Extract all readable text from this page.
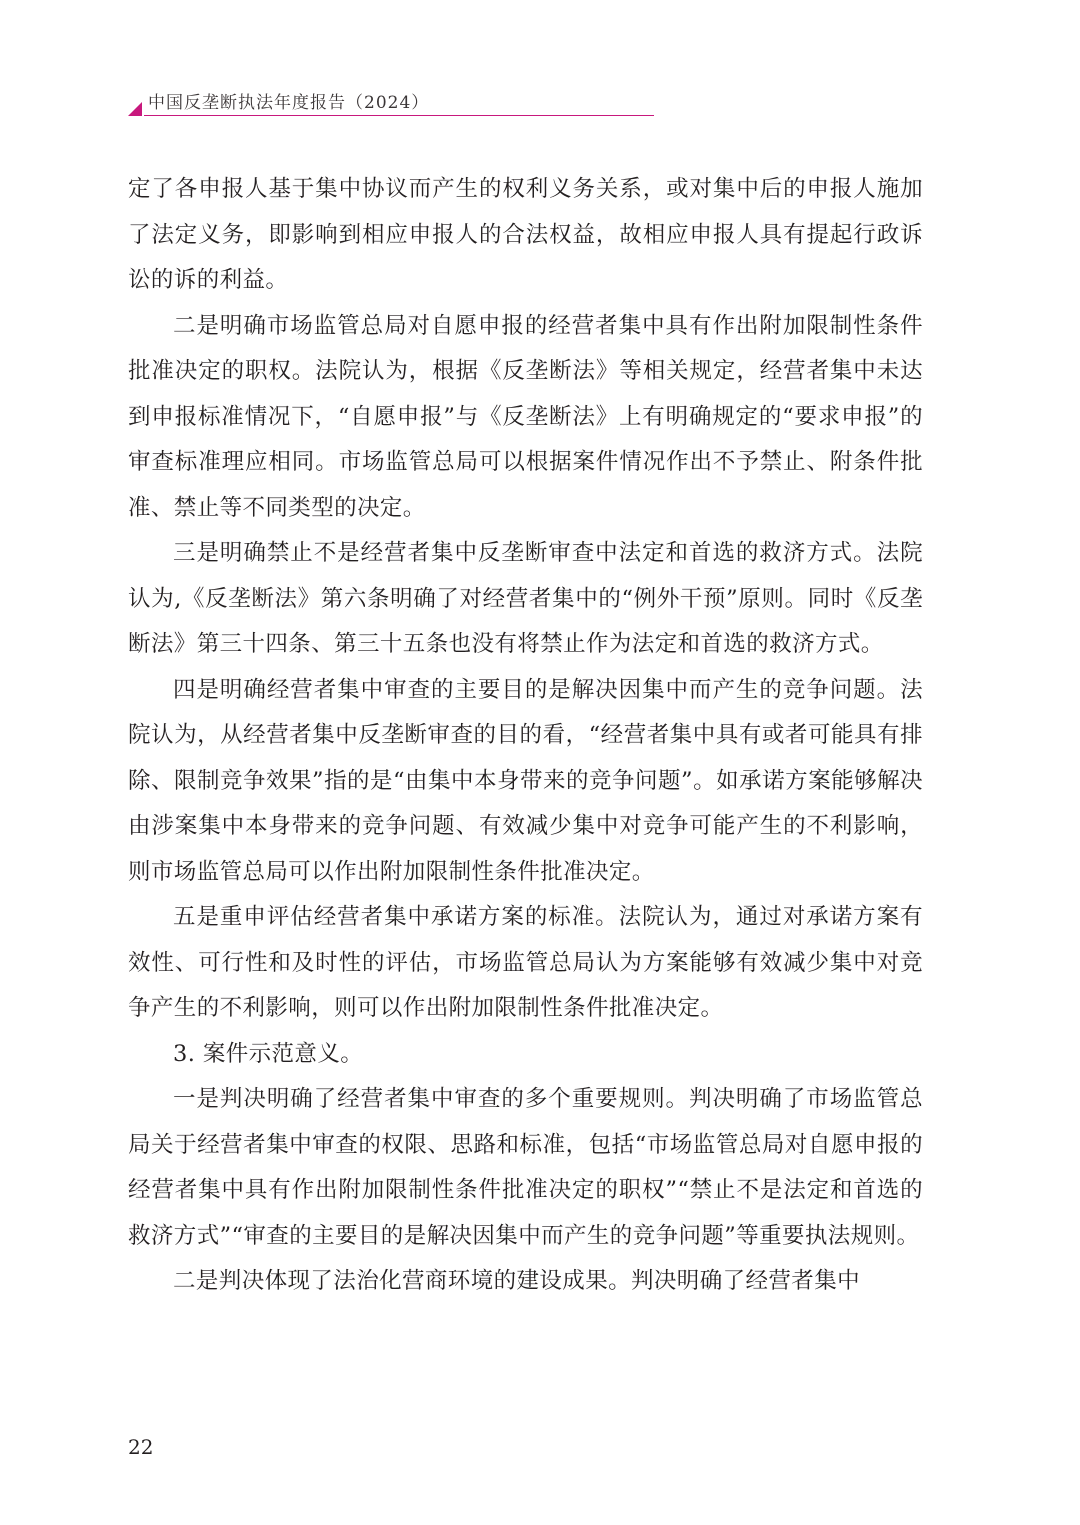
中国反垄断执法年度报告（2024）

定了各申报人基于集中协议而产生的权利义务关系，或对集中后的申报人施加了法定义务，即影响到相应申报人的合法权益，故相应申报人具有提起行政诉讼的诉的利益。

二是明确市场监管总局对自愿申报的经营者集中具有作出附加限制性条件批准决定的职权。法院认为，根据《反垄断法》等相关规定，经营者集中未达到申报标准情况下，“自愿申报”与《反垄断法》上有明确规定的“要求申报”的审查标准理应相同。市场监管总局可以根据案件情况作出不予禁止、附条件批准、禁止等不同类型的决定。

三是明确禁止不是经营者集中反垄断审查中法定和首选的救济方式。法院认为,《反垄断法》第六条明确了对经营者集中的“例外干预”原则。同时《反垄断法》第三十四条、第三十五条也没有将禁止作为法定和首选的救济方式。

四是明确经营者集中审查的主要目的是解决因集中而产生的竞争问题。法院认为，从经营者集中反垄断审查的目的看，“经营者集中具有或者可能具有排除、限制竞争效果”指的是“由集中本身带来的竞争问题”。如承诺方案能够解决由涉案集中本身带来的竞争问题、有效减少集中对竞争可能产生的不利影响，则市场监管总局可以作出附加限制性条件批准决定。

五是重申评估经营者集中承诺方案的标准。法院认为，通过对承诺方案有效性、可行性和及时性的评估，市场监管总局认为方案能够有效减少集中对竞争产生的不利影响，则可以作出附加限制性条件批准决定。

3. 案件示范意义。

一是判决明确了经营者集中审查的多个重要规则。判决明确了市场监管总局关于经营者集中审查的权限、思路和标准，包括“市场监管总局对自愿申报的经营者集中具有作出附加限制性条件批准决定的职权”“禁止不是法定和首选的救济方式”“审查的主要目的是解决因集中而产生的竞争问题”等重要执法规则。

二是判决体现了法治化营商环境的建设成果。判决明确了经营者集中

22
